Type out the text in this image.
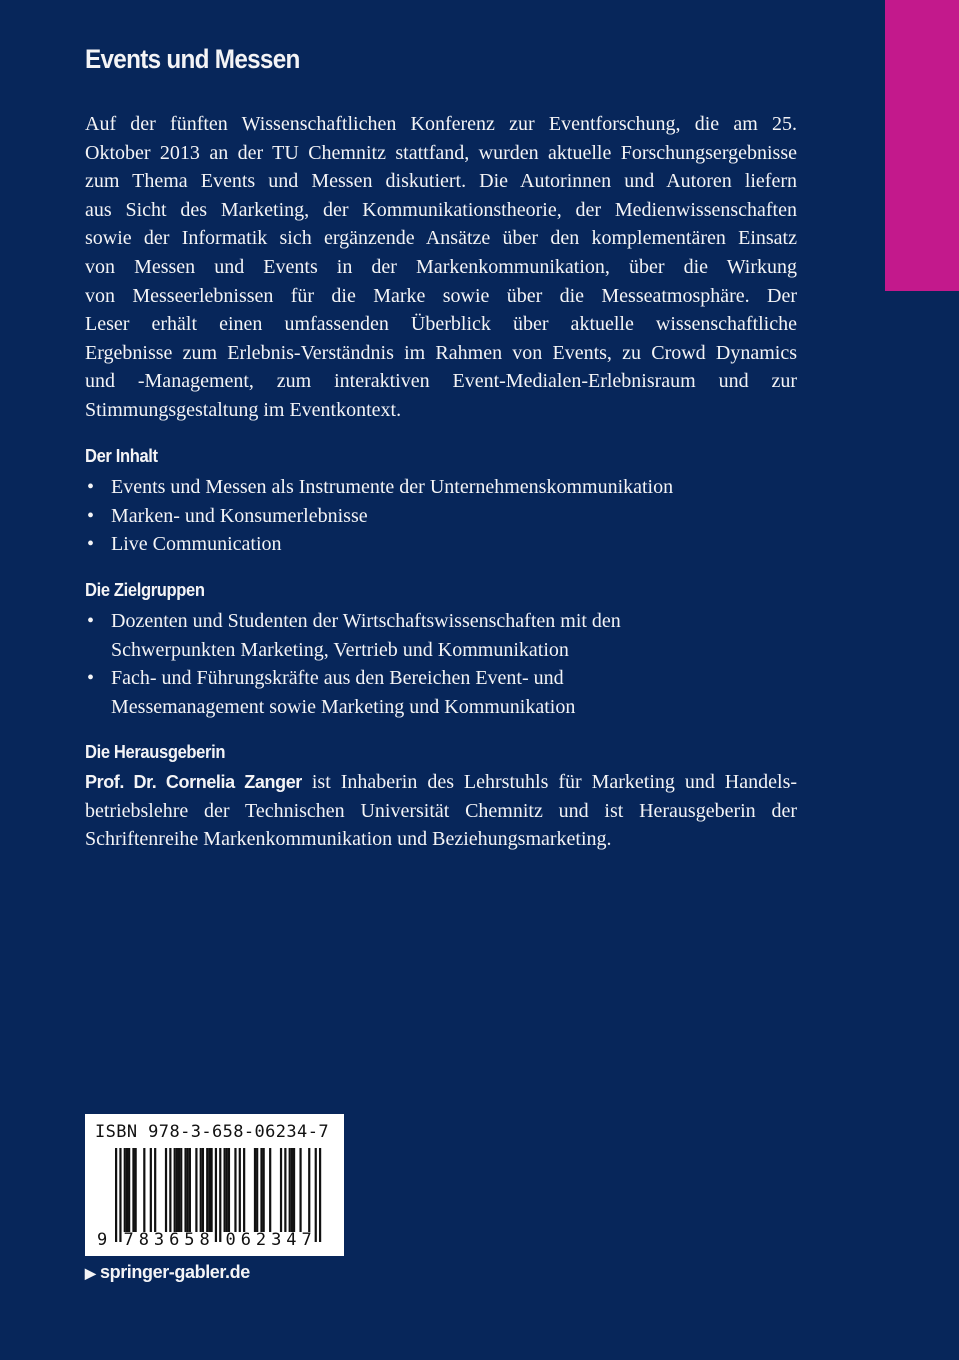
Events und Messen
Auf der fünften Wissenschaftlichen Konferenz zur Eventforschung, die am 25.
Oktober 2013 an der TU Chemnitz stattfand, wurden aktuelle Forschungsergebnisse
zum Thema Events und Messen diskutiert. Die Autorinnen und Autoren liefern
aus Sicht des Marketing, der Kommunikationstheorie, der Medienwissenschaften
sowie der Informatik sich ergänzende Ansätze über den komplementären Einsatz
von Messen und Events in der Markenkommunikation, über die Wirkung
von Messeerlebnissen für die Marke sowie über die Messeatmosphäre. Der
Leser erhält einen umfassenden Überblick über aktuelle wissenschaftliche
Ergebnisse zum Erlebnis-Verständnis im Rahmen von Events, zu Crowd Dynamics
und -Management, zum interaktiven Event-Medialen-Erlebnisraum und zur
Stimmungsgestaltung im Eventkontext.
Der Inhalt
• Events und Messen als Instrumente der Unternehmenskommunikation
• Marken- und Konsumerlebnisse
• Live Communication
Die Zielgruppen
• Dozenten und Studenten der Wirtschaftswissenschaften mit den Schwerpunkten Marketing, Vertrieb und Kommunikation
• Fach- und Führungskräfte aus den Bereichen Event- und Messemanagement sowie Marketing und Kommunikation
Die Herausgeberin
Prof. Dr. Cornelia Zanger ist Inhaberin des Lehrstuhls für Marketing und Handels-
betriebslehre der Technischen Universität Chemnitz und ist Herausgeberin der
Schriftenreihe Markenkommunikation und Beziehungsmarketing.
ISBN 978-3-658-06234-7
9 7 8 3 6 5 8 0 6 2 3 4 7
▶ springer-gabler.de
